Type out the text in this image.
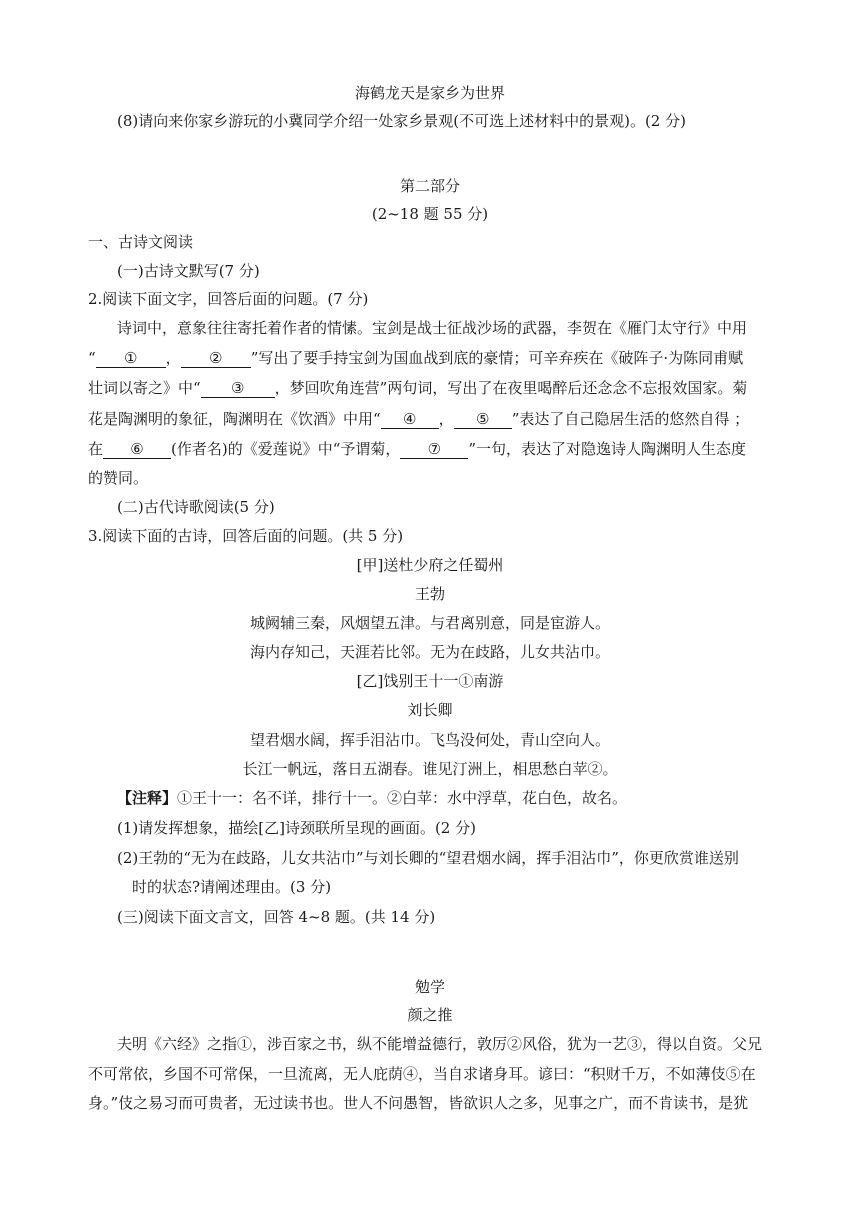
海鹤龙天是家乡为世界
(8)请向来你家乡游玩的小冀同学介绍一处家乡景观(不可选上述材料中的景观)。(2 分)
第二部分
(2~18 题 55 分)
一、古诗文阅读
(一)古诗文默写(7 分)
2.阅读下面文字，回答后面的问题。(7 分)
诗词中，意象往往寄托着作者的情愫。宝剑是战士征战沙场的武器，李贺在《雁门太守行》中用
“ ① ， ② ”写出了要手持宝剑为国血战到底的豪情；可辛弃疾在《破阵子·为陈同甫赋
壮词以寄之》中“ ③ ，梦回吹角连营”两句词，写出了在夜里喝醉后还念念不忘报效国家。菊
花是陶渊明的象征，陶渊明在《饮酒》中用“ ④ ， ⑤ ”表达了自己隐居生活的悠然自得 ；
在 ⑥ (作者名)的《爱莲说》中“予谓菊， ⑦ ”一句，表达了对隐逸诗人陶渊明人生态度
的赞同。
(二)古代诗歌阅读(5 分)
3.阅读下面的古诗，回答后面的问题。(共 5 分)
[甲]送杜少府之任蜀州
王勃
城阙辅三秦，风烟望五津。与君离别意，同是宦游人。
海内存知己，天涯若比邻。无为在歧路，儿女共沾巾。
[乙]饯别王十一①南游
刘长卿
望君烟水阔，挥手泪沾巾。飞鸟没何处，青山空向人。
长江一帆远，落日五湖春。谁见汀洲上，相思愁白苹②。
【注释】①王十一：名不详，排行十一。②白苹：水中浮草，花白色，故名。
(1)请发挥想象，描绘[乙]诗颈联所呈现的画面。(2 分)
(2)王勃的“无为在歧路，儿女共沾巾”与刘长卿的“望君烟水阔，挥手泪沾巾”，你更欣赏谁送别
时的状态?请阐述理由。(3 分)
(三)阅读下面文言文，回答 4~8 题。(共 14 分)
勉学
颜之推
夫明《六经》之指①，涉百家之书，纵不能增益德行，敦厉②风俗，犹为一艺③，得以自资。父兄
不可常依，乡国不可常保，一旦流离，无人庇荫④，当自求诸身耳。谚曰：“积财千万，不如薄伎⑤在
身。”伎之易习而可贵者，无过读书也。世人不问愚智，皆欲识人之多，见事之广，而不肯读书，是犹
